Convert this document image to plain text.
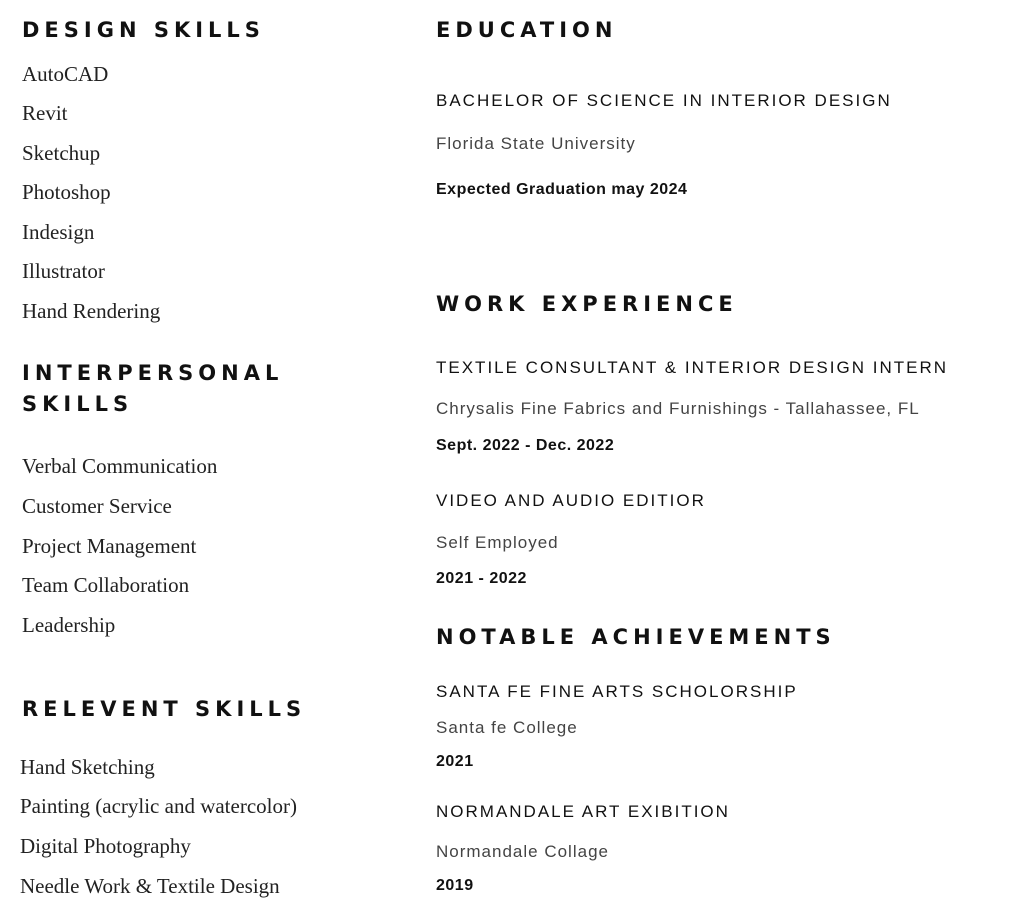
DESIGN SKILLS
AutoCAD
Revit
Sketchup
Photoshop
Indesign
Illustrator
Hand Rendering
INTERPERSONAL
SKILLS
Verbal Communication
Customer Service
Project Management
Team Collaboration
Leadership
RELEVENT SKILLS
Hand Sketching
Painting (acrylic and watercolor)
Digital Photography
Needle Work & Textile Design
EDUCATION
BACHELOR OF SCIENCE IN INTERIOR DESIGN
Florida State University
Expected Graduation may 2024
WORK EXPERIENCE
TEXTILE CONSULTANT & INTERIOR DESIGN INTERN
Chrysalis Fine Fabrics and Furnishings - Tallahassee, FL
Sept. 2022 - Dec. 2022
VIDEO AND AUDIO EDITIOR
Self Employed
2021 - 2022
NOTABLE ACHIEVEMENTS
SANTA FE FINE ARTS SCHOLORSHIP
Santa fe College
2021
NORMANDALE ART EXIBITION
Normandale Collage
2019
